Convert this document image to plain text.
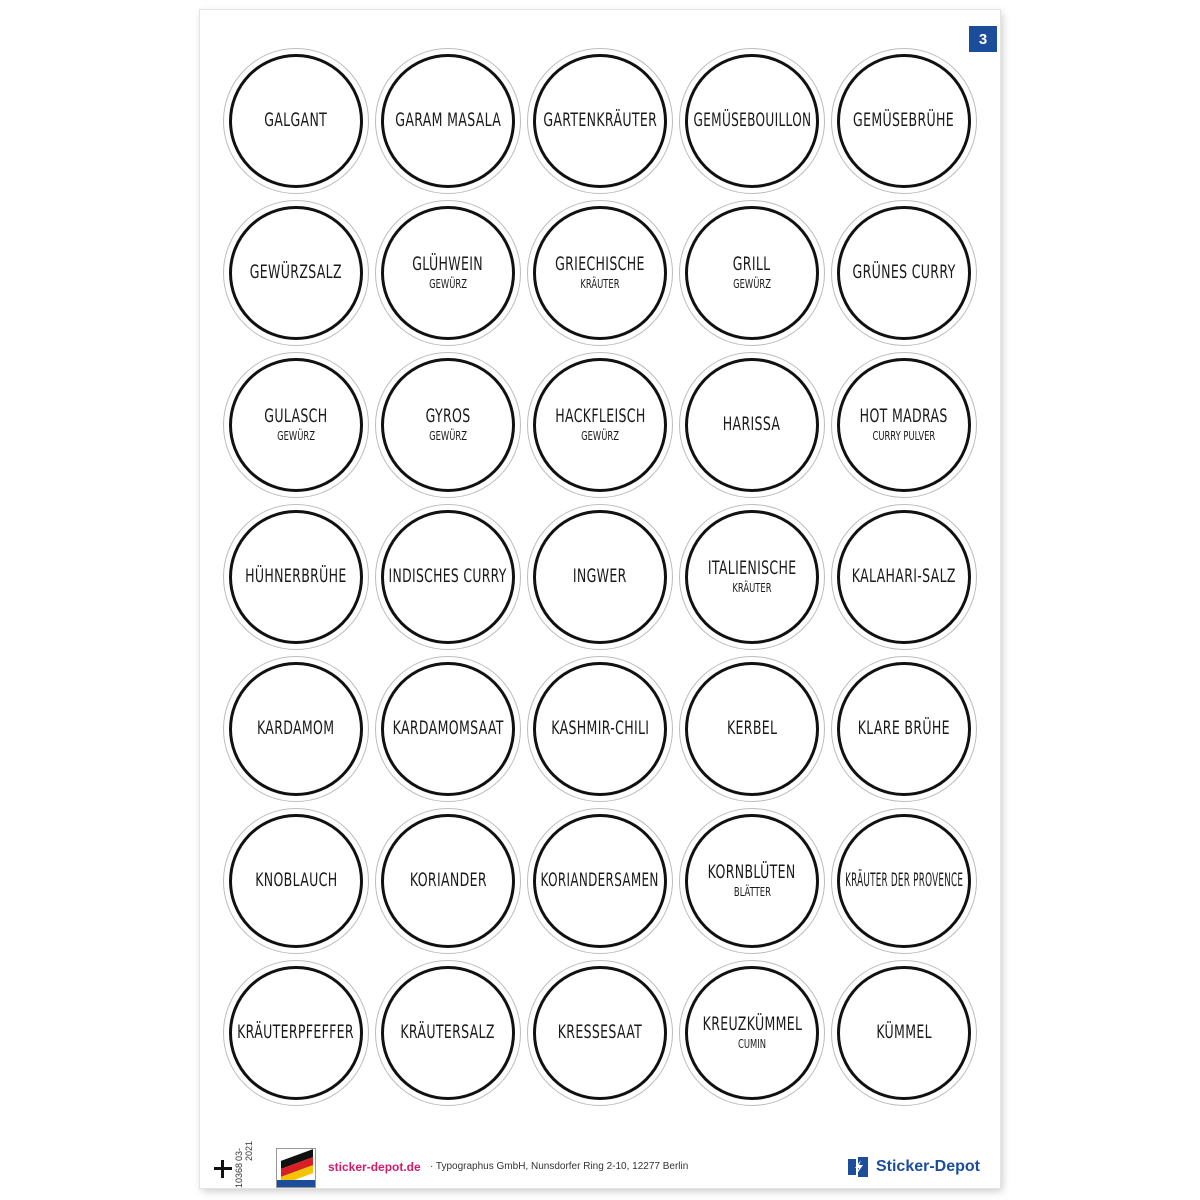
3
GALGANT	GARAM MASALA GARTENKRÄUTER GEMÜSEBOUILLON GEMÜSEBRÜHE
GEWÜRZSALZ	GLÜHWEIN
GEWÜRZ
GRIECHISCHE
KRÄUTER
GRILL
GEWÜRZ
GRÜNES CURRY
GULASCH
GEWÜRZ
GYROS
GEWÜRZ
HACKFLEISCH
GEWÜRZ
HARISSA	HOT MADRAS
CURRY PULVER
HÜHNERBRÜHE INDISCHES CURRY	INGWER	ITALIENISCHE
KRÄUTER
KALAHARI-SALZ
KARDAMOM	KARDAMOMSAAT KASHMIR-CHILI	KERBEL	KLARE BRÜHE
KNOBLAUCH	KORIANDER	KORIANDERSAMEN	KORNBLÜTEN
BLÄTTER
KRÄUTER DER PROVENCE
KRÄUTERPFEFFER KRÄUTERSALZ	KRESSESAAT	KREUZKÜMMEL
CUMIN
KÜMMEL
10368
03-2021
sticker-depot.de · Typographus GmbH, Nunsdorfer Ring 2-10, 12277 Berlin	Sticker-Depot
